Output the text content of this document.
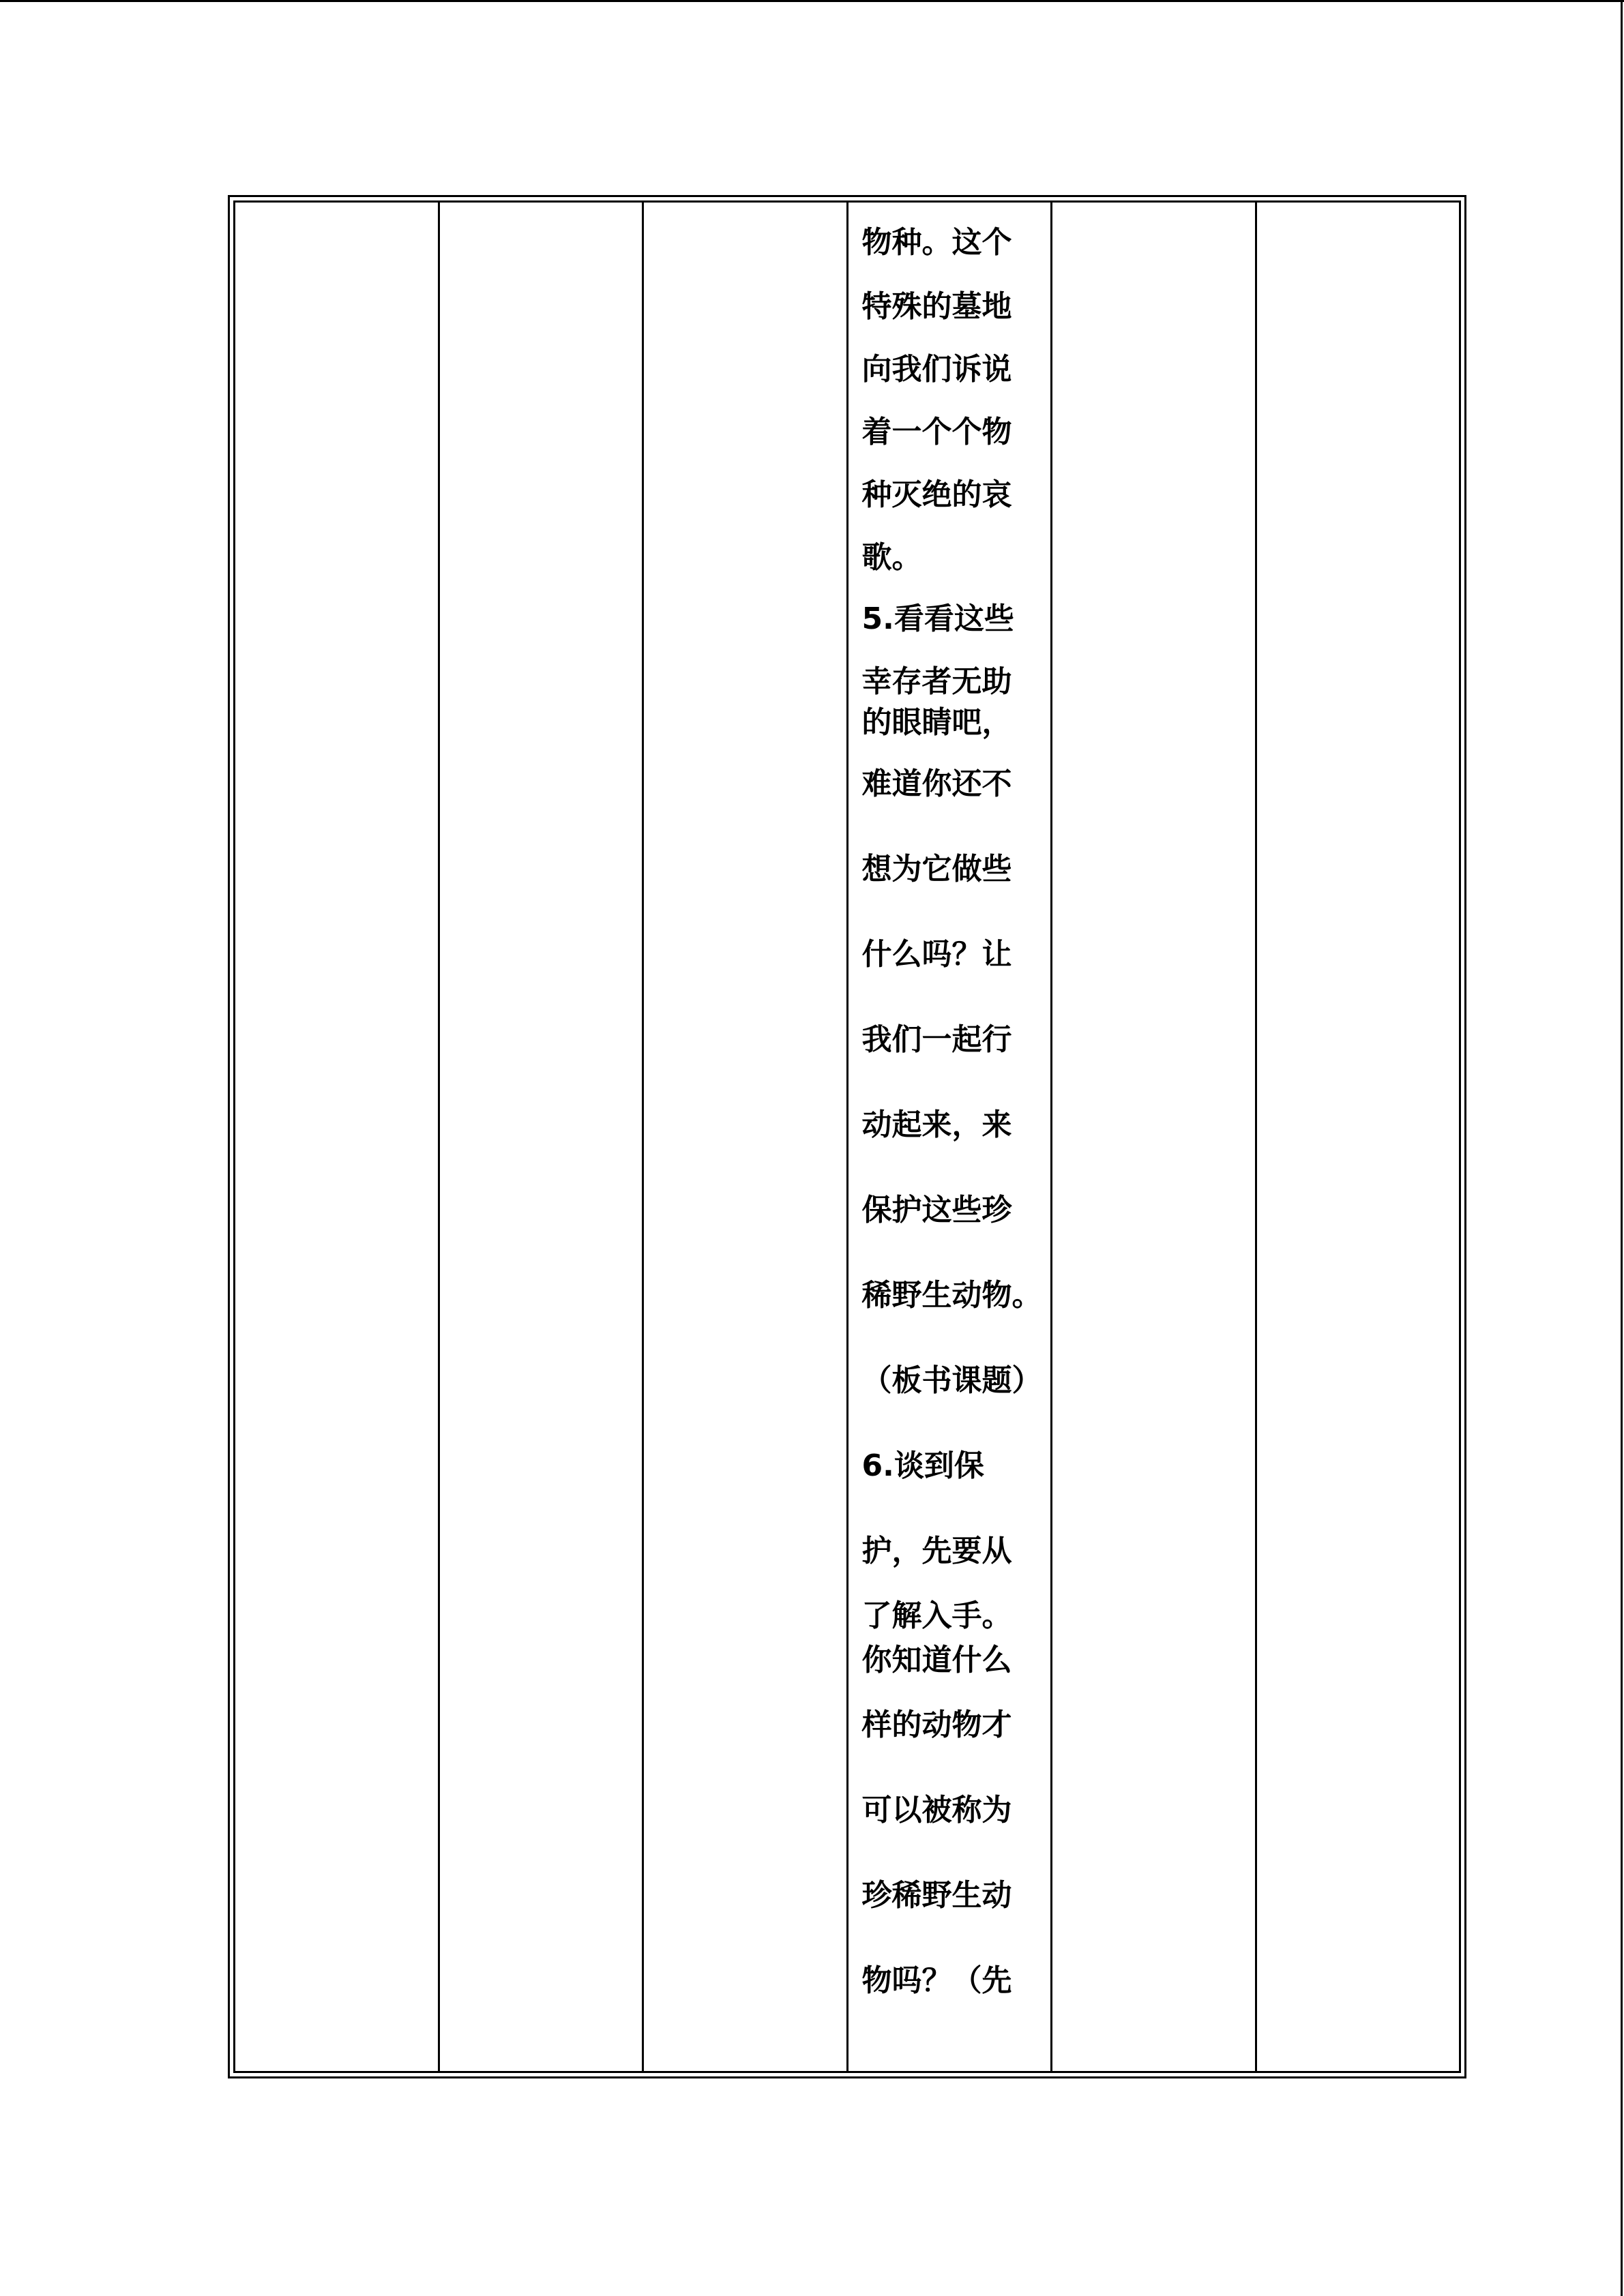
物种。这个
特殊的墓地
向我们诉说
着一个个物
种灭绝的哀
歌。
5.看看这些
幸存者无助
的眼睛吧，
难道你还不
想为它做些
什么吗？让
我们一起行
动起来，来
保护这些珍
稀野生动物。
（板书课题）
6.谈到保
护，先要从
了解入手。
你知道什么
样的动物才
可以被称为
珍稀野生动
物吗？（先
